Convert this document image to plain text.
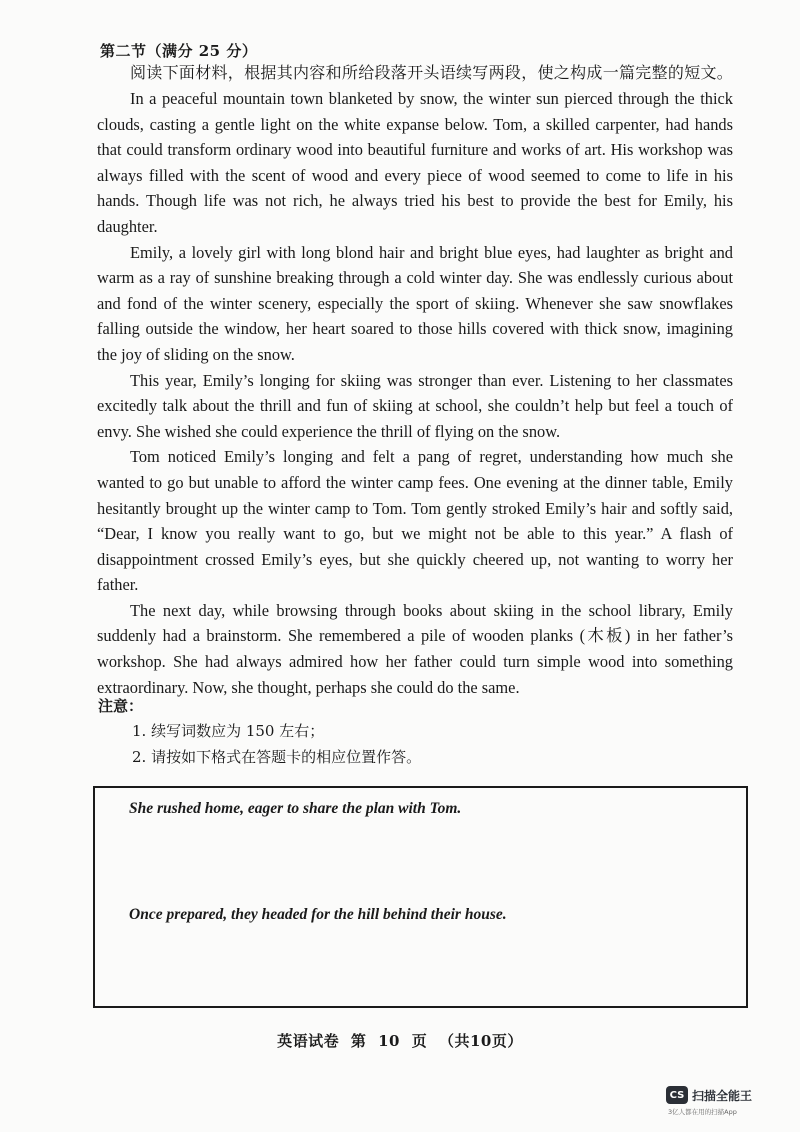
第二节（满分 25 分）
阅读下面材料，根据其内容和所给段落开头语续写两段，使之构成一篇完整的短文。

In a peaceful mountain town blanketed by snow, the winter sun pierced through the thick clouds, casting a gentle light on the white expanse below. Tom, a skilled carpenter, had hands that could transform ordinary wood into beautiful furniture and works of art. His workshop was always filled with the scent of wood and every piece of wood seemed to come to life in his hands. Though life was not rich, he always tried his best to provide the best for Emily, his daughter.

Emily, a lovely girl with long blond hair and bright blue eyes, had laughter as bright and warm as a ray of sunshine breaking through a cold winter day. She was endlessly curious about and fond of the winter scenery, especially the sport of skiing. Whenever she saw snowflakes falling outside the window, her heart soared to those hills covered with thick snow, imagining the joy of sliding on the snow.

This year, Emily’s longing for skiing was stronger than ever. Listening to her classmates excitedly talk about the thrill and fun of skiing at school, she couldn’t help but feel a touch of envy. She wished she could experience the thrill of flying on the snow.

Tom noticed Emily’s longing and felt a pang of regret, understanding how much she wanted to go but unable to afford the winter camp fees. One evening at the dinner table, Emily hesitantly brought up the winter camp to Tom. Tom gently stroked Emily’s hair and softly said, “Dear, I know you really want to go, but we might not be able to this year.” A flash of disappointment crossed Emily’s eyes, but she quickly cheered up, not wanting to worry her father.

The next day, while browsing through books about skiing in the school library, Emily suddenly had a brainstorm. She remembered a pile of wooden planks (木板) in her father’s workshop. She had always admired how her father could turn simple wood into something extraordinary. Now, she thought, perhaps she could do the same.

注意：
1. 续写词数应为 150 左右；
2. 请按如下格式在答题卡的相应位置作答。
She rushed home, eager to share the plan with Tom.
Once prepared, they headed for the hill behind their house.
英语试卷 第 10 页 （共10页）
CS 扫描全能王
3亿人都在用的扫描App
